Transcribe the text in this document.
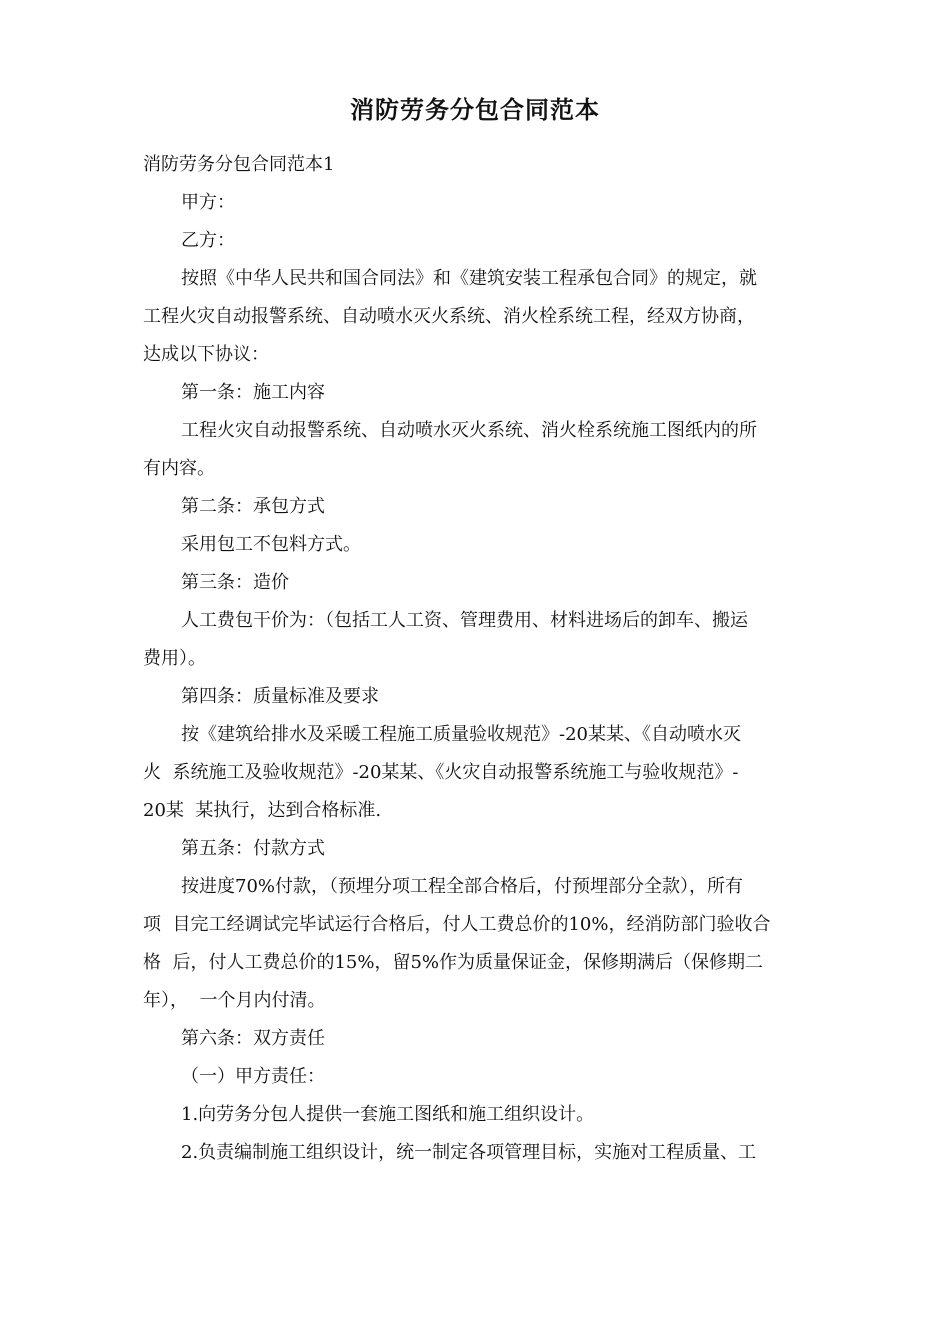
消防劳务分包合同范本

消防劳务分包合同范本1

甲方：

乙方：

按照《中华人民共和国合同法》和《建筑安装工程承包合同》的规定，就
工程火灾自动报警系统、自动喷水灭火系统、消火栓系统工程，经双方协商，
达成以下协议：

第一条：施工内容

工程火灾自动报警系统、自动喷水灭火系统、消火栓系统施工图纸内的所
有内容。

第二条：承包方式

采用包工不包料方式。

第三条：造价

人工费包干价为：（包括工人工资、管理费用、材料进场后的卸车、搬运
费用）。

第四条：质量标准及要求

按《建筑给排水及采暖工程施工质量验收规范》-20某某、《自动喷水灭
火  系统施工及验收规范》-20某某、《火灾自动报警系统施工与验收规范》-
20某  某执行，达到合格标准.

第五条：付款方式

按进度70%付款，（预埋分项工程全部合格后，付预埋部分全款），所有
项  目完工经调试完毕试运行合格后，付人工费总价的10%，经消防部门验收合
格  后，付人工费总价的15%，留5%作为质量保证金，保修期满后（保修期二
年），  一个月内付清。

第六条：双方责任

（一）甲方责任：

1.向劳务分包人提供一套施工图纸和施工组织设计。

2.负责编制施工组织设计，统一制定各项管理目标，实施对工程质量、工
